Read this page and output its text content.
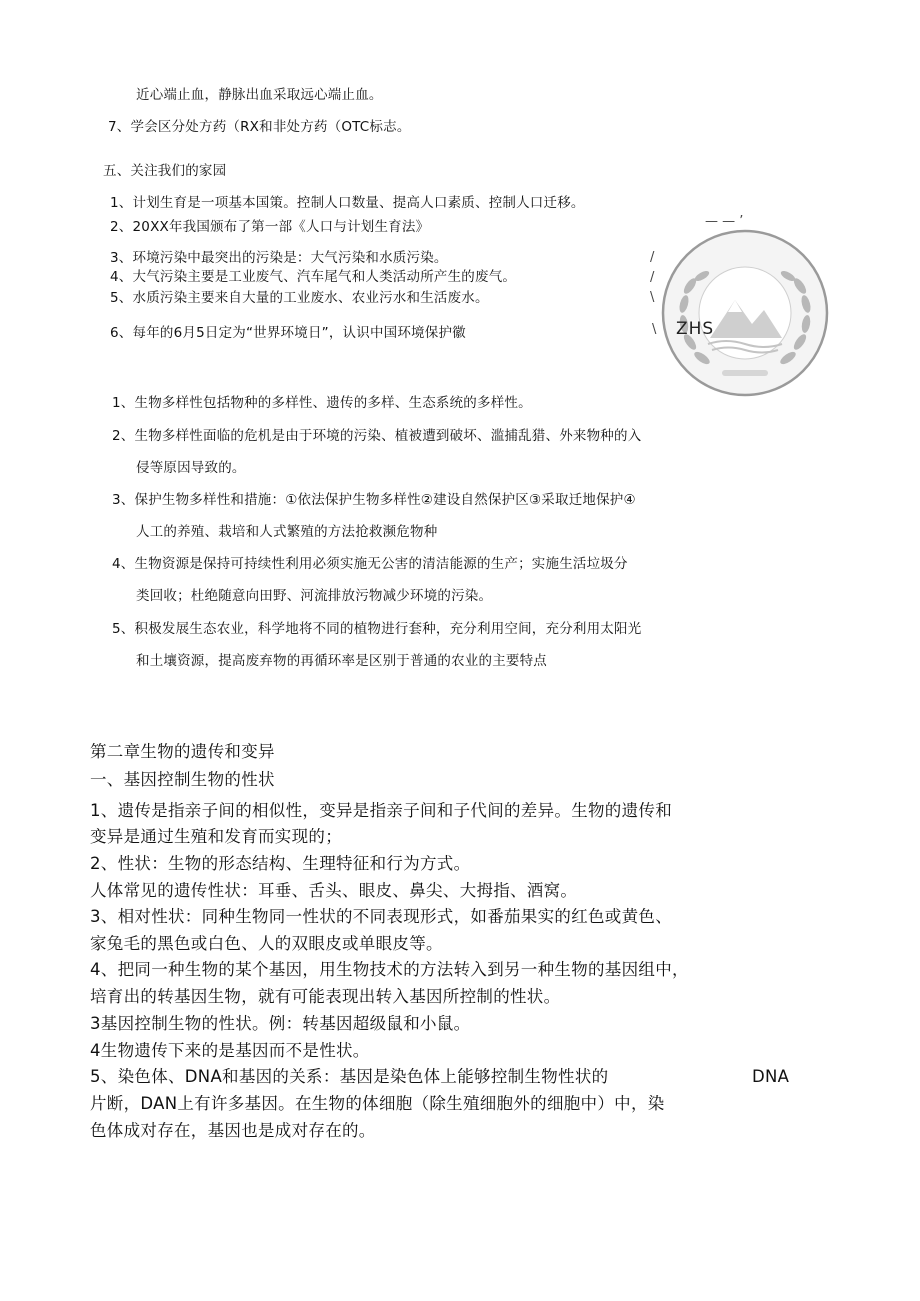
近心端止血，静脉出血采取远心端止血。
7、学会区分处方药（RX和非处方药（OTC标志。
五、关注我们的家园
1、计划生育是一项基本国策。控制人口数量、提高人口素质、控制人口迁移。
2、20XX年我国颁布了第一部《人口与计划生育法》
3、环境污染中最突出的污染是：大气污染和水质污染。
4、大气污染主要是工业废气、汽车尾气和人类活动所产生的废气。
5、水质污染主要来自大量的工业废水、农业污水和生活废水。
6、每年的6月5日定为“世界环境日”，认识中国环境保护徽
— — ’
/
/
\
\ ZHS
1、生物多样性包括物种的多样性、遗传的多样、生态系统的多样性。
2、生物多样性面临的危机是由于环境的污染、植被遭到破坏、滥捕乱猎、外来物种的入
侵等原因导致的。
3、保护生物多样性和措施：①依法保护生物多样性②建设自然保护区③采取迁地保护④
人工的养殖、栽培和人式繁殖的方法抢救濒危物种
4、生物资源是保持可持续性利用必须实施无公害的清洁能源的生产；实施生活垃圾分
类回收；杜绝随意向田野、河流排放污物减少环境的污染。
5、积极发展生态农业，科学地将不同的植物进行套种，充分利用空间，充分利用太阳光
和土壤资源，提高废弃物的再循环率是区别于普通的农业的主要特点
第二章生物的遗传和变异
一、基因控制生物的性状
1、遗传是指亲子间的相似性，变异是指亲子间和子代间的差异。生物的遗传和
变异是通过生殖和发育而实现的；
2、性状：生物的形态结构、生理特征和行为方式。
人体常见的遗传性状：耳垂、舌头、眼皮、鼻尖、大拇指、酒窝。
3、相对性状：同种生物同一性状的不同表现形式，如番茄果实的红色或黄色、
家兔毛的黑色或白色、人的双眼皮或单眼皮等。
4、把同一种生物的某个基因，用生物技术的方法转入到另一种生物的基因组中，
培育出的转基因生物，就有可能表现出转入基因所控制的性状。
3基因控制生物的性状。例：转基因超级鼠和小鼠。
4生物遗传下来的是基因而不是性状。
5、染色体、DNA和基因的关系：基因是染色体上能够控制生物性状的	DNA
片断，DAN上有许多基因。在生物的体细胞（除生殖细胞外的细胞中）中，染
色体成对存在，基因也是成对存在的。
